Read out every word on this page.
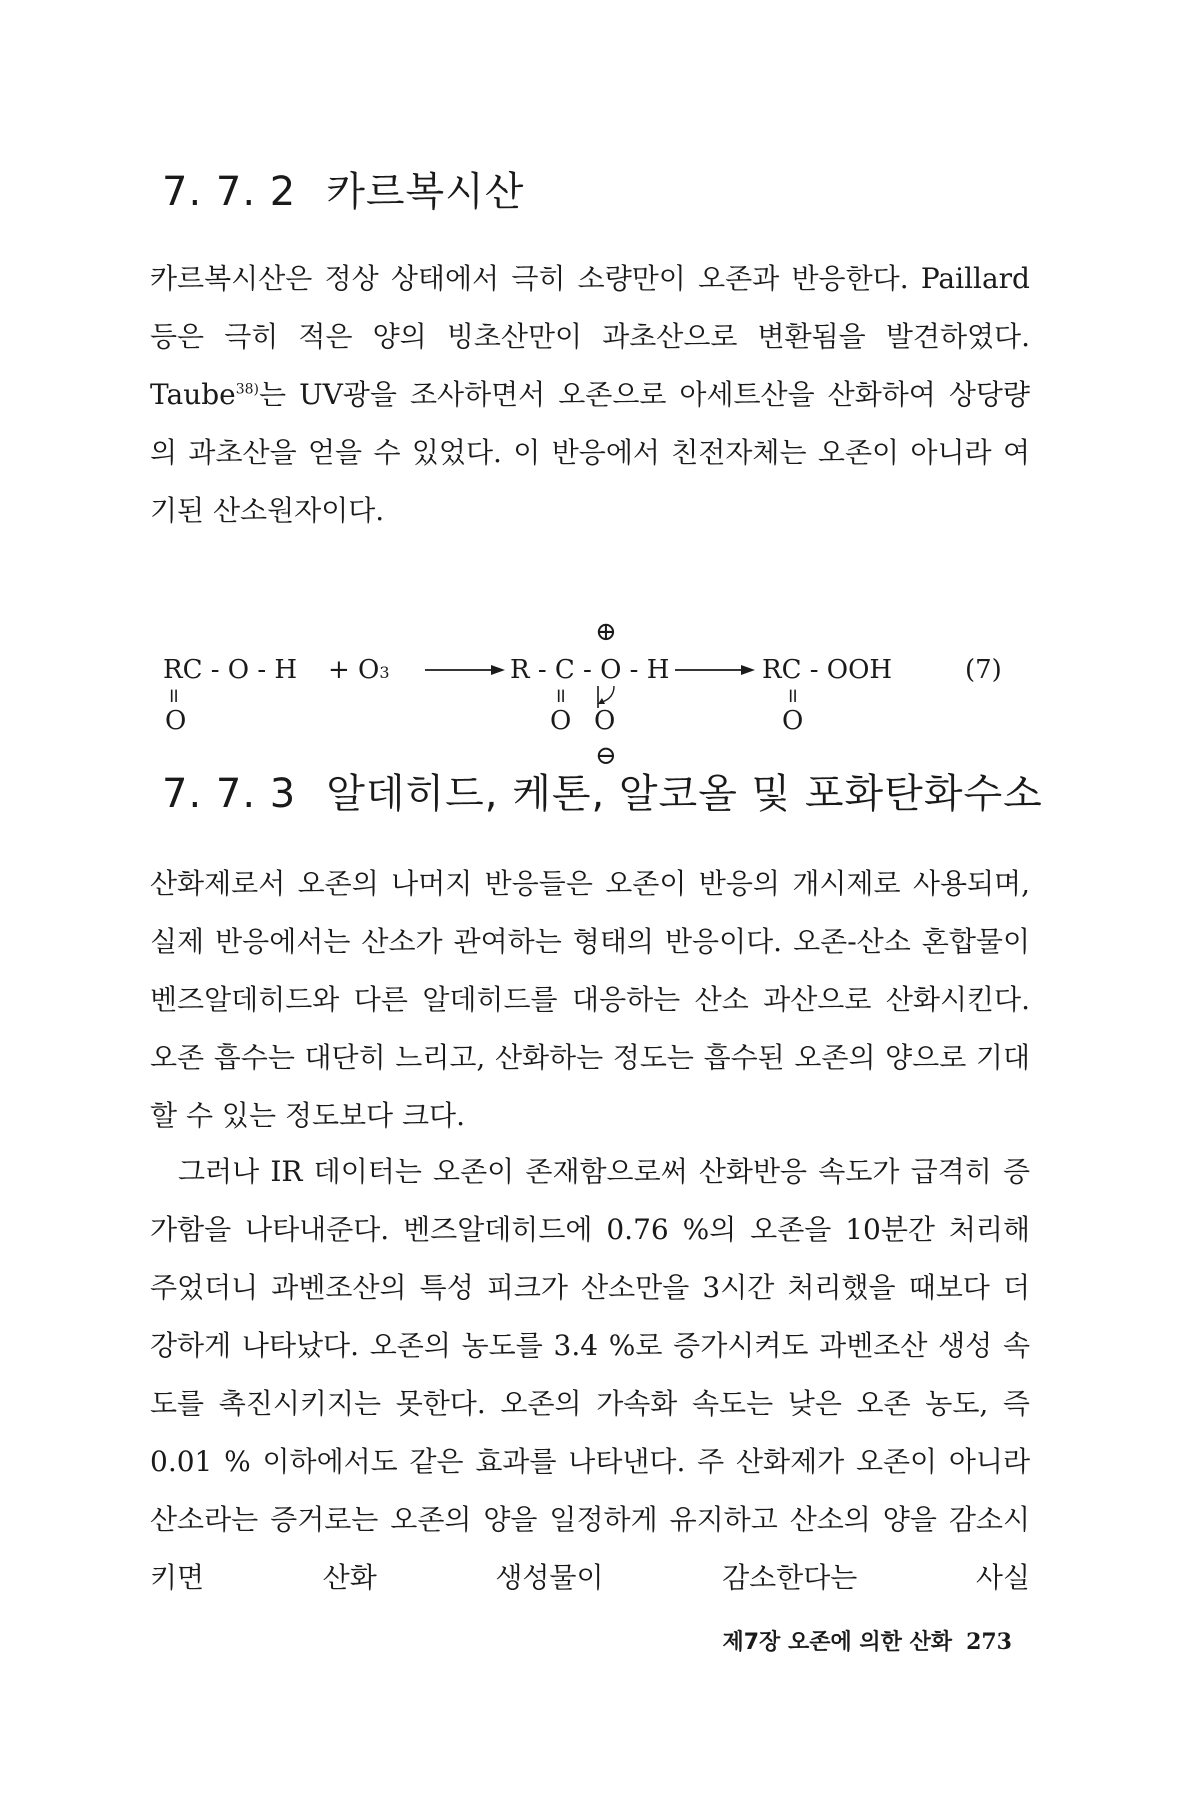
7. 7. 2 카르복시산

카르복시산은 정상 상태에서 극히 소량만이 오존과 반응한다. Paillard 등은 극히 적은 양의 빙초산만이 과초산으로 변환됨을 발견하였다. Taube$^{38)}$는 UV광을 조사하면서 오존으로 아세트산을 산화하여 상당량의 과초산을 얻을 수 있었다. 이 반응에서 친전자체는 오존이 아니라 여기된 산소원자이다.

RC - O - H + O3
॥
O
⊕
R - C - O - H
॥
O O
⊖
RC - OOH
॥
O
(7)
7. 7. 3 알데히드, 케톤, 알코올 및 포화탄화수소

산화제로서 오존의 나머지 반응들은 오존이 반응의 개시제로 사용되며, 실제 반응에서는 산소가 관여하는 형태의 반응이다. 오존-산소 혼합물이 벤즈알데히드와 다른 알데히드를 대응하는 산소 과산으로 산화시킨다. 오존 흡수는 대단히 느리고, 산화하는 정도는 흡수된 오존의 양으로 기대할 수 있는 정도보다 크다.

그러나 IR 데이터는 오존이 존재함으로써 산화반응 속도가 급격히 증가함을 나타내준다. 벤즈알데히드에 0.76 %의 오존을 10분간 처리해 주었더니 과벤조산의 특성 피크가 산소만을 3시간 처리했을 때보다 더 강하게 나타났다. 오존의 농도를 3.4 %로 증가시켜도 과벤조산 생성 속도를 촉진시키지는 못한다. 오존의 가속화 속도는 낮은 오존 농도, 즉 0.01 % 이하에서도 같은 효과를 나타낸다. 주 산화제가 오존이 아니라 산소라는 증거로는 오존의 양을 일정하게 유지하고 산소의 양을 감소시키면 산화 생성물이 감소한다는 사실

제7장 오존에 의한 산화 273
